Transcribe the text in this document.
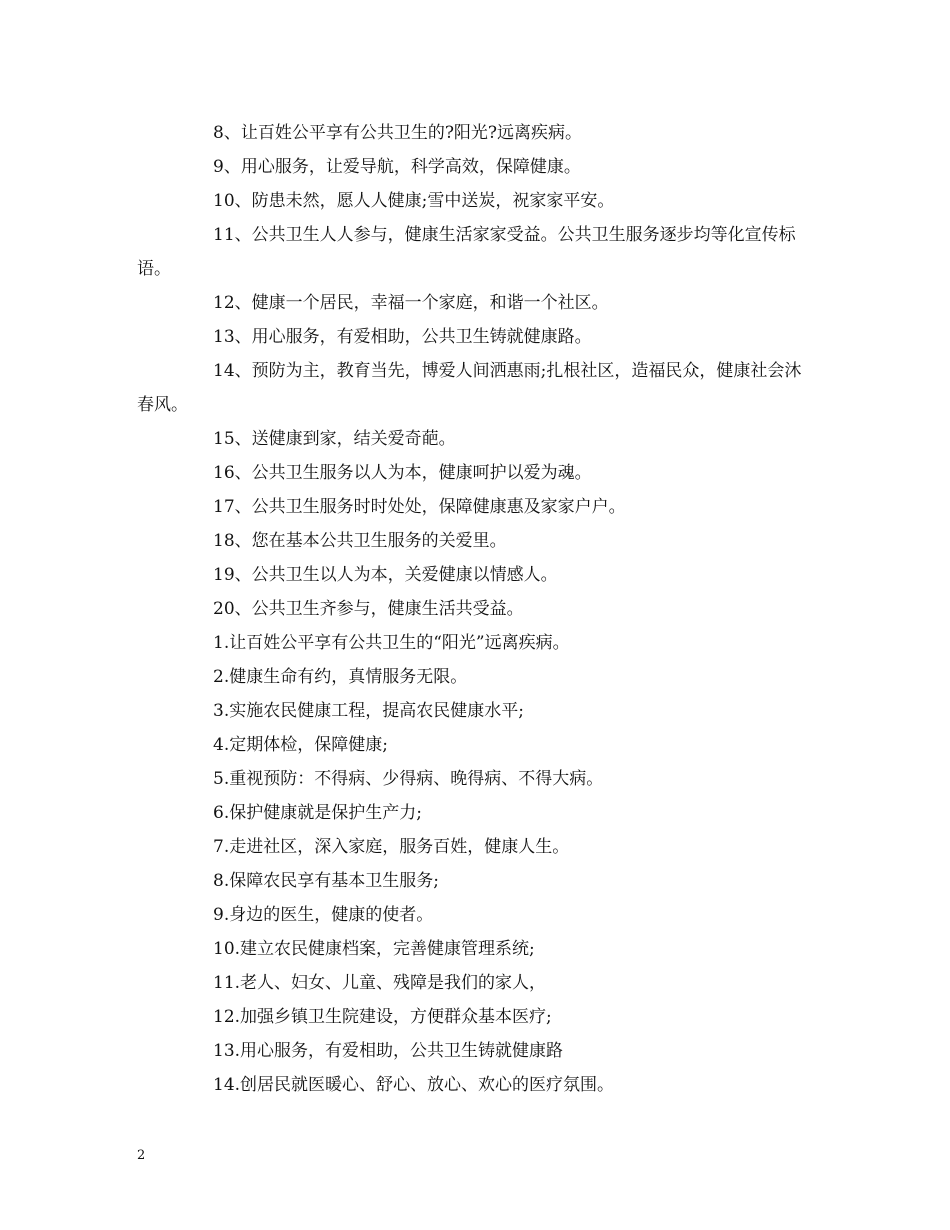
8、让百姓公平享有公共卫生的?阳光?远离疾病。

9、用心服务，让爱导航，科学高效，保障健康。

10、防患未然，愿人人健康;雪中送炭，祝家家平安。

11、公共卫生人人参与，健康生活家家受益。公共卫生服务逐步均等化宣传标语。

12、健康一个居民，幸福一个家庭，和谐一个社区。

13、用心服务，有爱相助，公共卫生铸就健康路。

14、预防为主，教育当先，博爱人间洒惠雨;扎根社区，造福民众，健康社会沐春风。

15、送健康到家，结关爱奇葩。

16、公共卫生服务以人为本，健康呵护以爱为魂。

17、公共卫生服务时时处处，保障健康惠及家家户户。

18、您在基本公共卫生服务的关爱里。

19、公共卫生以人为本，关爱健康以情感人。

20、公共卫生齐参与，健康生活共受益。

1.让百姓公平享有公共卫生的“阳光”远离疾病。

2.健康生命有约，真情服务无限。

3.实施农民健康工程，提高农民健康水平;

4.定期体检，保障健康;

5.重视预防：不得病、少得病、晚得病、不得大病。

6.保护健康就是保护生产力;

7.走进社区，深入家庭，服务百姓，健康人生。

8.保障农民享有基本卫生服务;

9.身边的医生，健康的使者。

10.建立农民健康档案，完善健康管理系统;

11.老人、妇女、儿童、残障是我们的家人，

12.加强乡镇卫生院建设，方便群众基本医疗;

13.用心服务，有爱相助，公共卫生铸就健康路

14.创居民就医暖心、舒心、放心、欢心的医疗氛围。

2
